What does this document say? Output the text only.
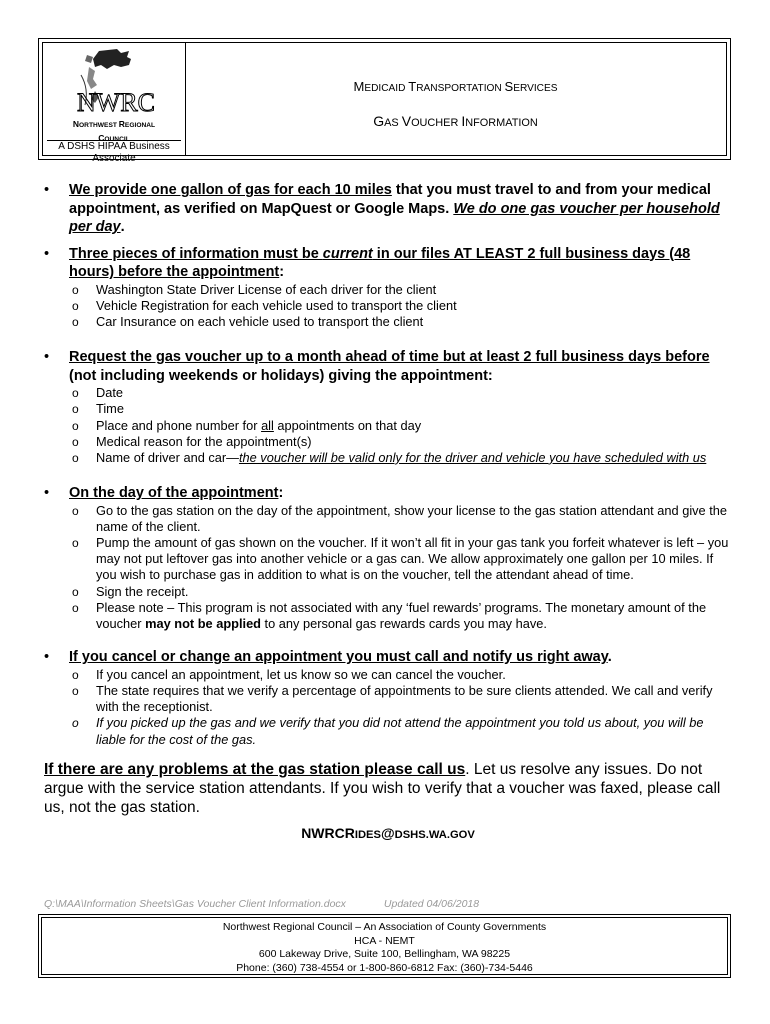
NWRC
NORTHWEST REGIONAL
COUNCIL
A DSHS HIPAA Business Associate
MEDICAID TRANSPORTATION SERVICES
GAS VOUCHER INFORMATION
• We provide one gallon of gas for each 10 miles that you must travel to and from your medical appointment, as verified on MapQuest or Google Maps. We do one gas voucher per household per day.
• Three pieces of information must be current in our files AT LEAST 2 full business days (48 hours) before the appointment:
o Washington State Driver License of each driver for the client
o Vehicle Registration for each vehicle used to transport the client
o Car Insurance on each vehicle used to transport the client
• Request the gas voucher up to a month ahead of time but at least 2 full business days before (not including weekends or holidays) giving the appointment:
o Date
o Time
o Place and phone number for all appointments on that day
o Medical reason for the appointment(s)
o Name of driver and car—the voucher will be valid only for the driver and vehicle you have scheduled with us
• On the day of the appointment:
o Go to the gas station on the day of the appointment, show your license to the gas station attendant and give the name of the client.
o Pump the amount of gas shown on the voucher. If it won’t all fit in your gas tank you forfeit whatever is left – you may not put leftover gas into another vehicle or a gas can. We allow approximately one gallon per 10 miles. If you wish to purchase gas in addition to what is on the voucher, tell the attendant ahead of time.
o Sign the receipt.
o Please note – This program is not associated with any ‘fuel rewards’ programs. The monetary amount of the voucher may not be applied to any personal gas rewards cards you may have.
• If you cancel or change an appointment you must call and notify us right away.
o If you cancel an appointment, let us know so we can cancel the voucher.
o The state requires that we verify a percentage of appointments to be sure clients attended. We call and verify with the receptionist.
o If you picked up the gas and we verify that you did not attend the appointment you told us about, you will be liable for the cost of the gas.
If there are any problems at the gas station please call us. Let us resolve any issues. Do not argue with the service station attendants. If you wish to verify that a voucher was faxed, please call us, not the gas station.
NWRCRIDES@DSHS.WA.GOV
Q:\MAA\Information Sheets\Gas Voucher Client Information.docx	Updated 04/06/2018
Northwest Regional Council – An Association of County Governments
HCA - NEMT
600 Lakeway Drive, Suite 100, Bellingham, WA 98225
Phone: (360) 738-4554 or 1-800-860-6812 Fax: (360)-734-5446
